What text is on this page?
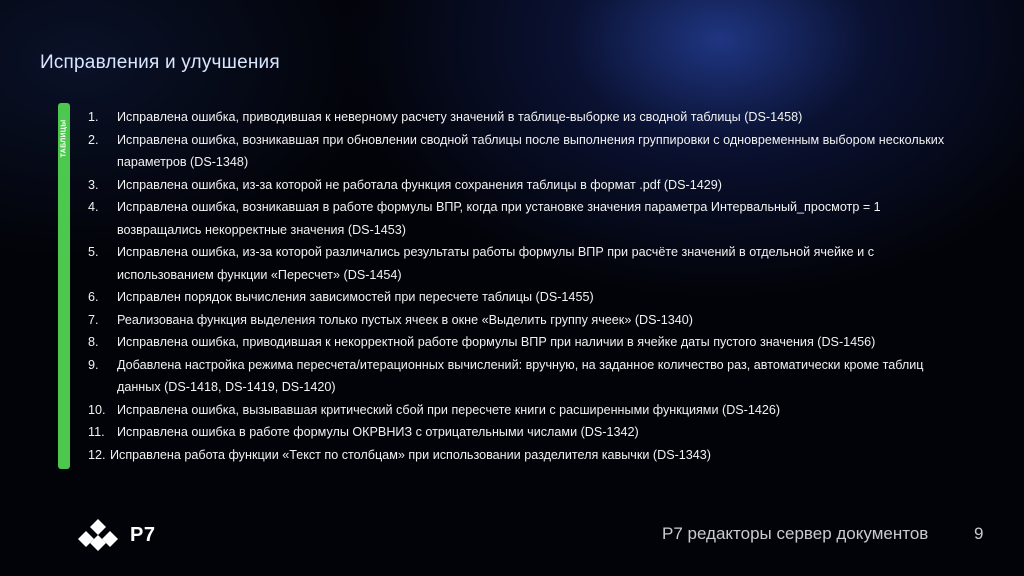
Исправления и улучшения
ТАБЛИЦЫ
1.	Исправлена ошибка, приводившая к неверному расчету значений в таблице-выборке из сводной таблицы (DS-1458)
2.	Исправлена ошибка, возникавшая при обновлении сводной таблицы после выполнения группировки с одновременным выбором нескольких параметров (DS-1348)
3.	Исправлена ошибка, из-за которой не работала функция сохранения таблицы в формат .pdf (DS-1429)
4.	Исправлена ошибка, возникавшая в работе формулы ВПР, когда при установке значения параметра Интервальный_просмотр = 1 возвращались некорректные значения (DS-1453)
5.	Исправлена ошибка, из-за которой различались результаты работы формулы ВПР при расчёте значений в отдельной ячейке и с использованием функции «Пересчет» (DS-1454)
6.	Исправлен порядок вычисления зависимостей при пересчете таблицы (DS-1455)
7.	Реализована функция выделения только пустых ячеек в окне «Выделить группу ячеек» (DS-1340)
8.	Исправлена ошибка, приводившая к некорректной работе формулы ВПР при наличии в ячейке даты пустого значения (DS-1456)
9.	Добавлена настройка режима пересчета/итерационных вычислений: вручную, на заданное количество раз, автоматически кроме таблиц данных (DS-1418, DS-1419, DS-1420)
10. Исправлена ошибка, вызывавшая критический сбой при пересчете книги с расширенными функциями (DS-1426)
11. Исправлена ошибка в работе формулы ОКРВНИЗ с отрицательными числами (DS-1342)
12. Исправлена работа функции «Текст по столбцам» при использовании разделителя кавычки (DS-1343)
P7	Р7 редакторы сервер документов	9
